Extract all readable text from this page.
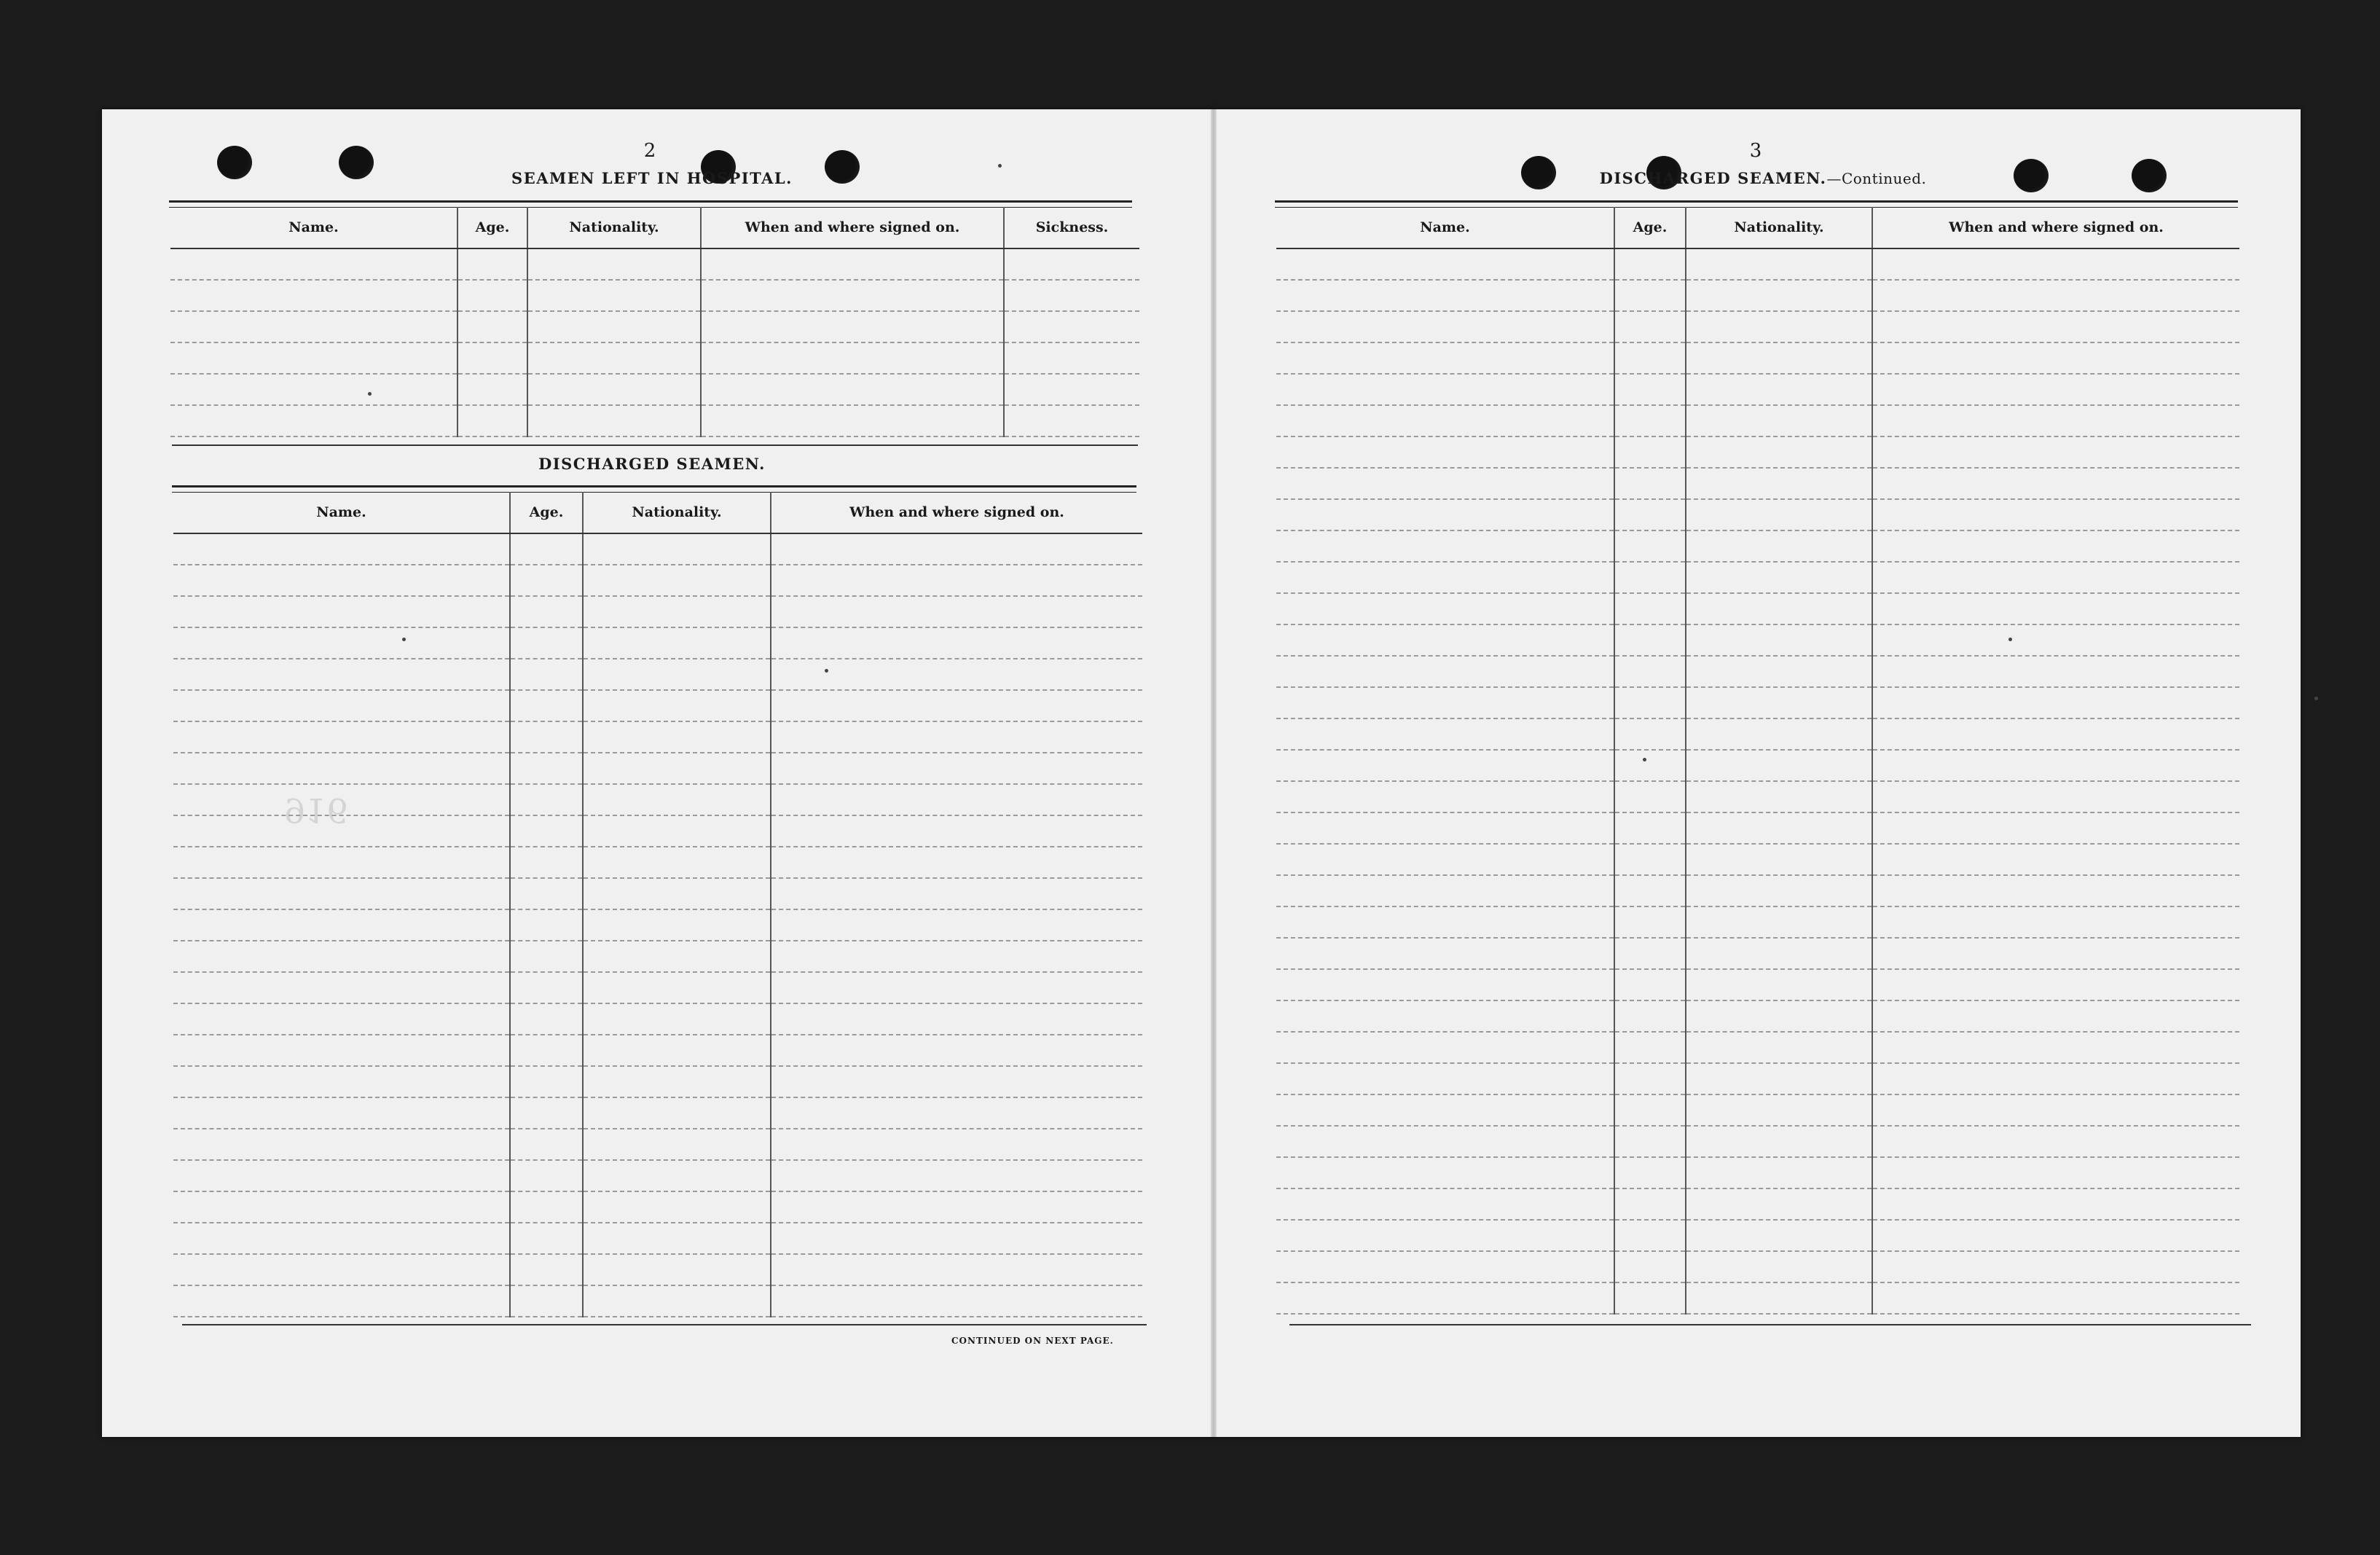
916
2
SEAMEN LEFT IN HOSPITAL.
Name.	Age.	Nationality.	When and where signed on.	Sickness.

DISCHARGED SEAMEN.
Name.	Age.	Nationality.	When and where signed on.

CONTINUED ON NEXT PAGE.
3
DISCHARGED SEAMEN.—Continued.
Name.	Age.	Nationality.	When and where signed on.
